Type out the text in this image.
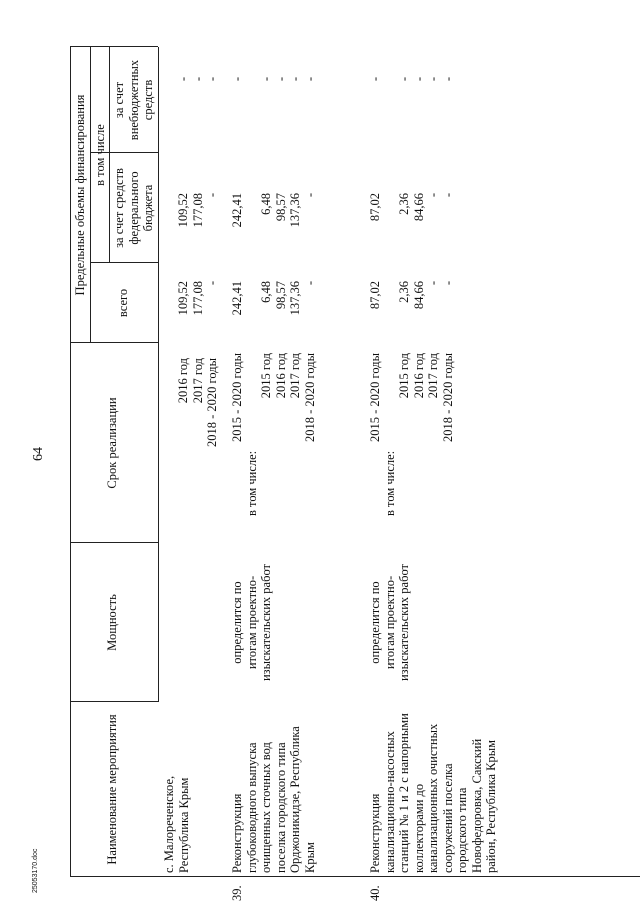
64
25053170.doc
Наименование мероприятия
Мощность
Срок реализации
Предельные объемы финансирования
всего
в том числе
за счет средств федерального бюджета
за счет внебюджетных средств
с. Малореченское, Республика Крым
2016 год 2017 год 2018 - 2020 годы
109,52 177,08 -
109,52 177,08 -
- - -
39.
Реконструкция глубоководного выпуска очищенных сточных вод поселка городского типа Орджоникидзе, Республика Крым
определится по итогам проектно- изыскательских работ
2015 - 2020 годы
в том числе:
2015 год 2016 год 2017 год 2018 - 2020 годы
242,41
6,48 98,57 137,36 -
242,41
6,48 98,57 137,36 -
-
- - - -
40.
Реконструкция канализационно-насосных станций № 1 и 2 с напорными коллекторами до канализационных очистных сооружений поселка городского типа Новофедоровка, Сакский район, Республика Крым

определится по итогам проектно- изыскательских работ
2015 - 2020 годы
в том числе:
2015 год 2016 год 2017 год 2018 - 2020 годы
87,02
2,36 84,66 - -
87,02
2,36 84,66 - -
-
- - - -
